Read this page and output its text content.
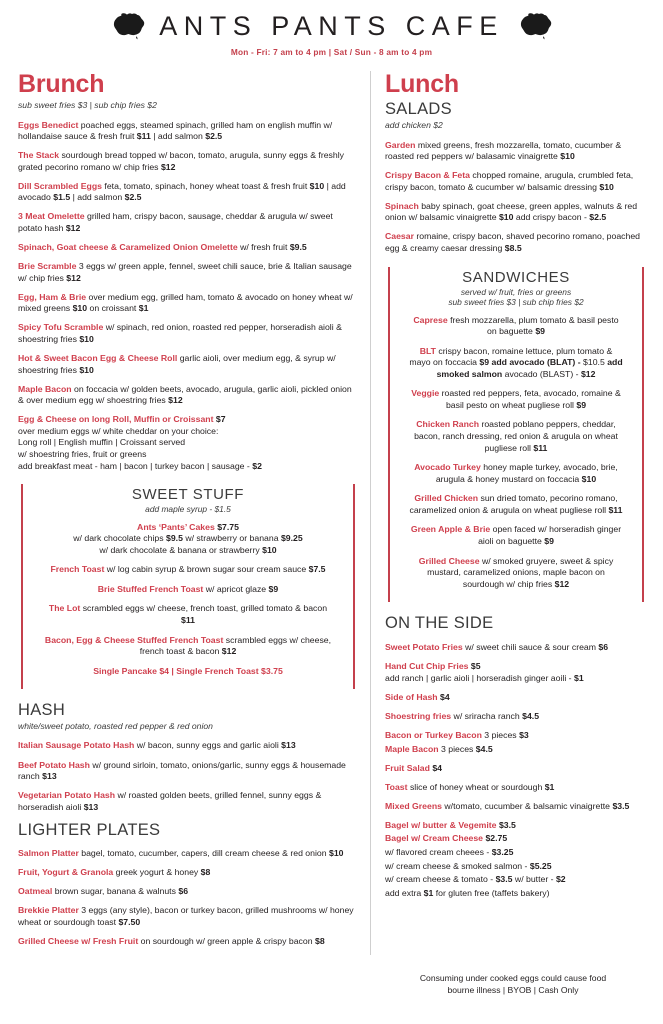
ANTS PANTS CAFE
Mon - Fri: 7 am to 4 pm | Sat / Sun - 8 am to 4 pm
Brunch
sub sweet fries $3 | sub chip fries $2
Eggs Benedict poached eggs, steamed spinach, grilled ham on english muffin w/ hollandaise sauce & fresh fruit $11 | add salmon $2.5
The Stack sourdough bread topped w/ bacon, tomato, arugula, sunny eggs & freshly grated pecorino romano w/ chip fries $12
Dill Scrambled Eggs feta, tomato, spinach, honey wheat toast & fresh fruit $10 | add avocado $1.5 | add salmon $2.5
3 Meat Omelette grilled ham, crispy bacon, sausage, cheddar & arugula w/ sweet potato hash $12
Spinach, Goat cheese & Caramelized Onion Omelette w/ fresh fruit $9.5
Brie Scramble 3 eggs w/ green apple, fennel, sweet chili sauce, brie & Italian sausage w/ chip fries $12
Egg, Ham & Brie over medium egg, grilled ham, tomato & avocado on honey wheat w/ mixed greens $10 on croissant $1
Spicy Tofu Scramble w/ spinach, red onion, roasted red pepper, horseradish aioli & shoestring fries $10
Hot & Sweet Bacon Egg & Cheese Roll garlic aioli, over medium egg, & syrup w/ shoestring fries $10
Maple Bacon on foccacia w/ golden beets, avocado, arugula, garlic aioli, pickled onion & over medium egg w/ shoestring fries $12
Egg & Cheese on long Roll, Muffin or Croissant $7
over medium eggs w/ white cheddar on your choice:
Long roll | English muffin | Croissant served
w/ shoestring fries, fruit or greens
add breakfast meat - ham | bacon | turkey bacon | sausage - $2
SWEET STUFF
add maple syrup - $1.5
Ants ‘Pants’ Cakes $7.75
w/ dark chocolate chips $9.5 w/ strawberry or banana $9.25
w/ dark chocolate & banana or strawberry $10
French Toast w/ log cabin syrup & brown sugar sour cream sauce $7.5
Brie Stuffed French Toast w/ apricot glaze $9
The Lot scrambled eggs w/ cheese, french toast, grilled tomato & bacon $11
Bacon, Egg & Cheese Stuffed French Toast scrambled eggs w/ cheese, french toast & bacon $12
Single Pancake $4 | Single French Toast $3.75
HASH
white/sweet potato, roasted red pepper & red onion
Italian Sausage Potato Hash w/ bacon, sunny eggs and garlic aioli $13
Beef Potato Hash w/ ground sirloin, tomato, onions/garlic, sunny eggs & housemade ranch $13
Vegetarian Potato Hash w/ roasted golden beets, grilled fennel, sunny eggs & horseradish aioli $13
LIGHTER PLATES
Salmon Platter bagel, tomato, cucumber, capers, dill cream cheese & red onion $10
Fruit, Yogurt & Granola greek yogurt & honey $8
Oatmeal brown sugar, banana & walnuts $6
Brekkie Platter 3 eggs (any style), bacon or turkey bacon, grilled mushrooms w/ honey wheat or sourdough toast $7.50
Grilled Cheese w/ Fresh Fruit on sourdough w/ green apple & crispy bacon $8
Lunch
SALADS
add chicken $2
Garden mixed greens, fresh mozzarella, tomato, cucumber & roasted red peppers w/ balasamic vinaigrette $10
Crispy Bacon & Feta chopped romaine, arugula, crumbled feta, crispy bacon, tomato & cucumber w/ balsamic dressing $10
Spinach baby spinach, goat cheese, green apples, walnuts & red onion w/ balsamic vinaigrette $10 add crispy bacon - $2.5
Caesar romaine, crispy bacon, shaved pecorino romano, poached egg & creamy caesar dressing $8.5
SANDWICHES
served w/ fruit, fries or greens
sub sweet fries $3 | sub chip fries $2
Caprese fresh mozzarella, plum tomato & basil pesto on baguette $9
BLT crispy bacon, romaine lettuce, plum tomato & mayo on foccacia $9 add avocado (BLAT) - $10.5 add smoked salmon avocado (BLAST) - $12
Veggie roasted red peppers, feta, avocado, romaine & basil pesto on wheat pugliese roll $9
Chicken Ranch roasted poblano peppers, cheddar, bacon, ranch dressing, red onion & arugula on wheat pugliese roll $11
Avocado Turkey honey maple turkey, avocado, brie, arugula & honey mustard on foccacia $10
Grilled Chicken sun dried tomato, pecorino romano, caramelized onion & arugula on wheat pugliese roll $11
Green Apple & Brie open faced w/ horseradish ginger aioli on baguette $9
Grilled Cheese w/ smoked gruyere, sweet & spicy mustard, caramelized onions, maple bacon on sourdough w/ chip fries $12
ON THE SIDE
Sweet Potato Fries w/ sweet chili sauce & sour cream $6
Hand Cut Chip Fries $5
add ranch | garlic aioli | horseradish ginger aoili - $1
Side of Hash $4
Shoestring fries w/ sriracha ranch $4.5
Bacon or Turkey Bacon 3 pieces $3
Maple Bacon 3 pieces $4.5
Fruit Salad $4
Toast slice of honey wheat or sourdough $1
Mixed Greens w/tomato, cucumber & balsamic vinaigrette $3.5
Bagel w/ butter & Vegemite $3.5
Bagel w/ Cream Cheese $2.75
w/ flavored cream cheees - $3.25
w/ cream cheese & smoked salmon - $5.25
w/ cream cheese & tomato - $3.5 w/ butter - $2
add extra $1 for gluten free (taffets bakery)
Consuming under cooked eggs could cause food
bourne illness | BYOB | Cash Only
